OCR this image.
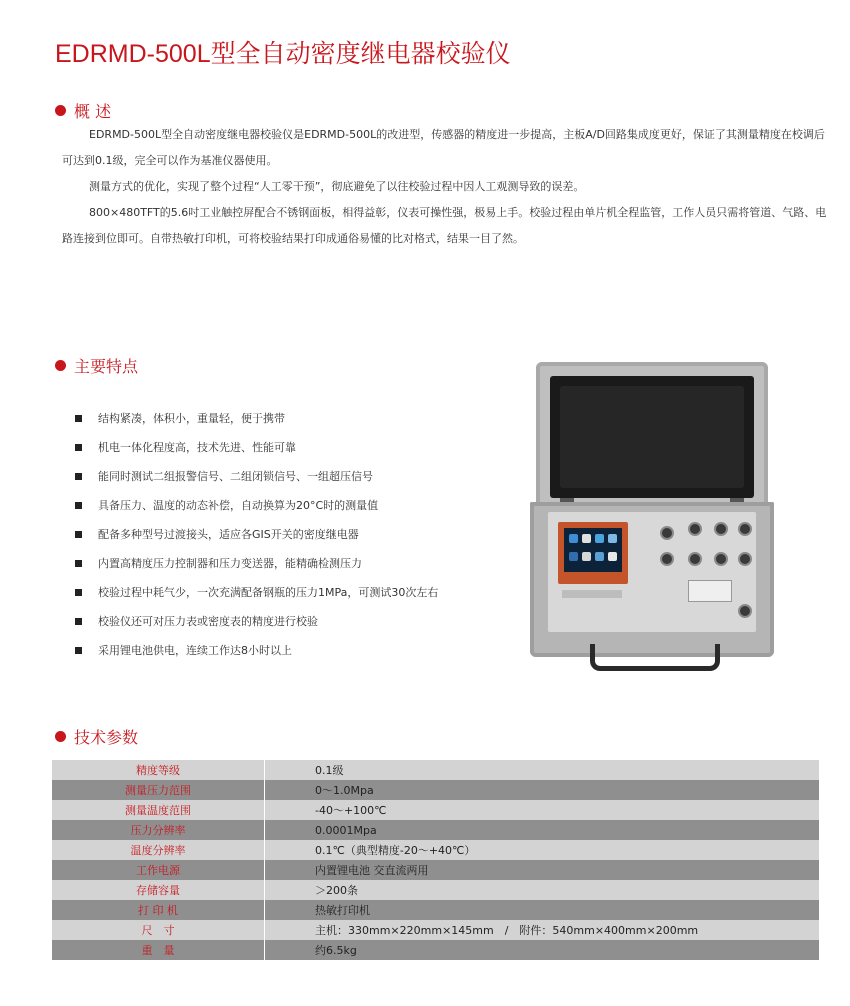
EDRMD-500L型全自动密度继电器校验仪
概 述

EDRMD-500L型全自动密度继电器校验仪是EDRMD-500L的改进型，传感器的精度进一步提高，主板A/D回路集成度更好，保证了其测量精度在校调后可达到0.1级，完全可以作为基准仪器使用。

测量方式的优化，实现了整个过程“人工零干预”，彻底避免了以往校验过程中因人工观测导致的误差。

800×480TFT的5.6吋工业触控屏配合不锈钢面板，相得益彰，仪表可操性强，极易上手。校验过程由单片机全程监管，工作人员只需将管道、气路、电路连接到位即可。自带热敏打印机，可将校验结果打印成通俗易懂的比对格式，结果一目了然。

主要特点
结构紧凑，体积小，重量轻，便于携带
机电一体化程度高，技术先进、性能可靠
能同时测试二组报警信号、二组闭锁信号、一组超压信号
具备压力、温度的动态补偿，自动换算为20°C时的测量值
配备多种型号过渡接头，适应各GIS开关的密度继电器
内置高精度压力控制器和压力变送器，能精确检测压力
校验过程中耗气少，一次充满配备钢瓶的压力1MPa，可测试30次左右
校验仪还可对压力表或密度表的精度进行校验
采用锂电池供电，连续工作达8小时以上
技术参数
精度等级	0.1级
测量压力范围	0～1.0Mpa
测量温度范围	-40～+100℃
压力分辨率	0.0001Mpa
温度分辨率	0.1℃（典型精度-20～+40℃）
工作电源	内置锂电池 交直流两用
存储容量	＞200条
打 印 机	热敏打印机
尺　寸	主机：330mm×220mm×145mm　/　附件：540mm×400mm×200mm
重　量	约6.5kg
